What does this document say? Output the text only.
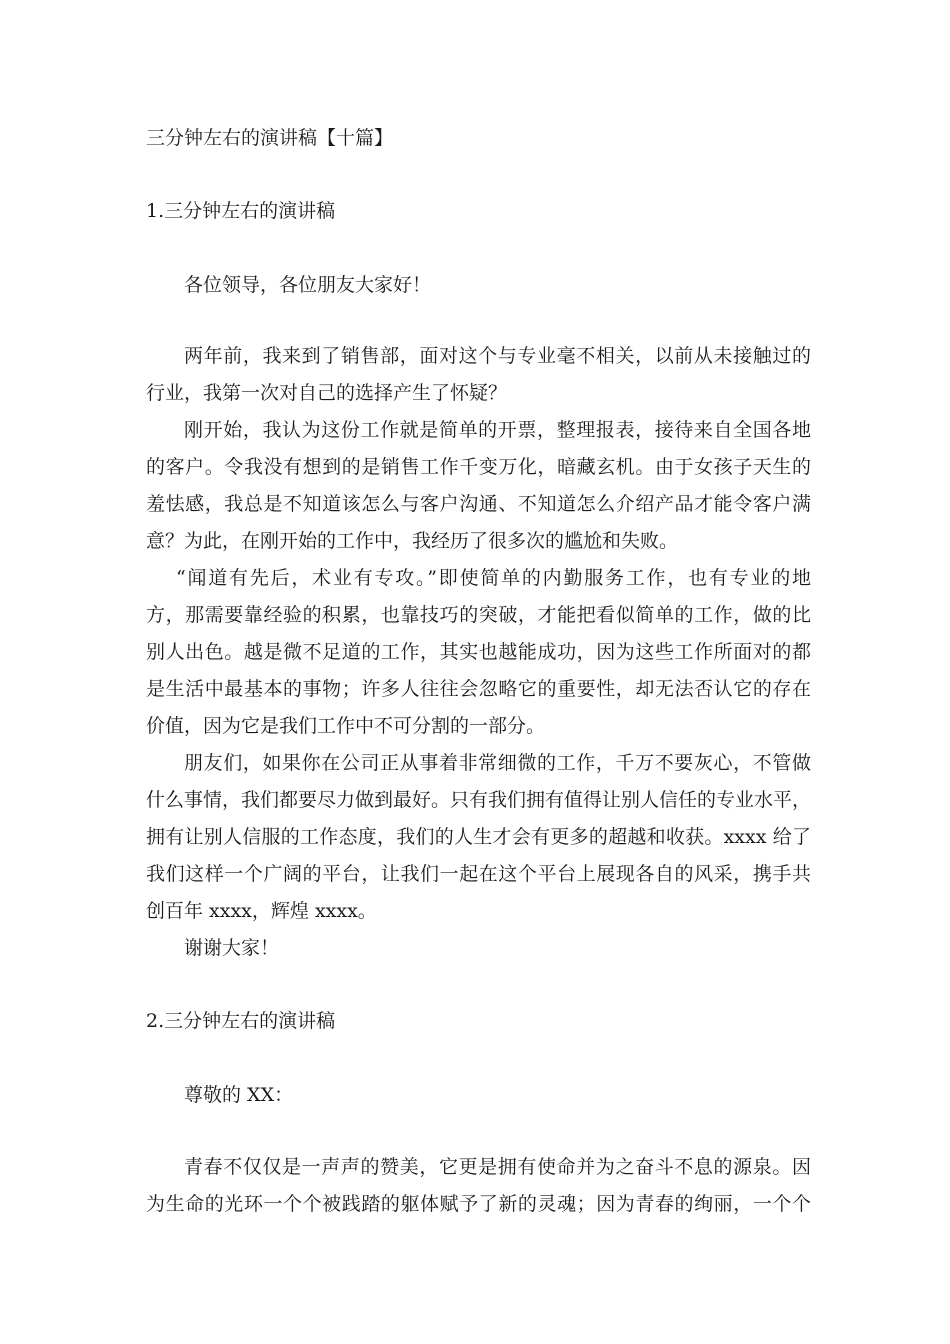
三分钟左右的演讲稿【十篇】
1.三分钟左右的演讲稿
各位领导，各位朋友大家好！
两年前，我来到了销售部，面对这个与专业毫不相关，以前从未接触过的
行业，我第一次对自己的选择产生了怀疑？
刚开始，我认为这份工作就是简单的开票，整理报表，接待来自全国各地
的客户。令我没有想到的是销售工作千变万化，暗藏玄机。由于女孩子天生的
羞怯感，我总是不知道该怎么与客户沟通、不知道怎么介绍产品才能令客户满
意？为此，在刚开始的工作中，我经历了很多次的尴尬和失败。
“闻道有先后，术业有专攻。”即使简单的内勤服务工作，也有专业的地
方，那需要靠经验的积累，也靠技巧的突破，才能把看似简单的工作，做的比
别人出色。越是微不足道的工作，其实也越能成功，因为这些工作所面对的都
是生活中最基本的事物；许多人往往会忽略它的重要性，却无法否认它的存在
价值，因为它是我们工作中不可分割的一部分。
朋友们，如果你在公司正从事着非常细微的工作，千万不要灰心，不管做
什么事情，我们都要尽力做到最好。只有我们拥有值得让别人信任的专业水平，
拥有让别人信服的工作态度，我们的人生才会有更多的超越和收获。xxxx 给了
我们这样一个广阔的平台，让我们一起在这个平台上展现各自的风采，携手共
创百年 xxxx，辉煌 xxxx。
谢谢大家！
2.三分钟左右的演讲稿
尊敬的 XX：
青春不仅仅是一声声的赞美，它更是拥有使命并为之奋斗不息的源泉。因
为生命的光环一个个被践踏的躯体赋予了新的灵魂；因为青春的绚丽，一个个
